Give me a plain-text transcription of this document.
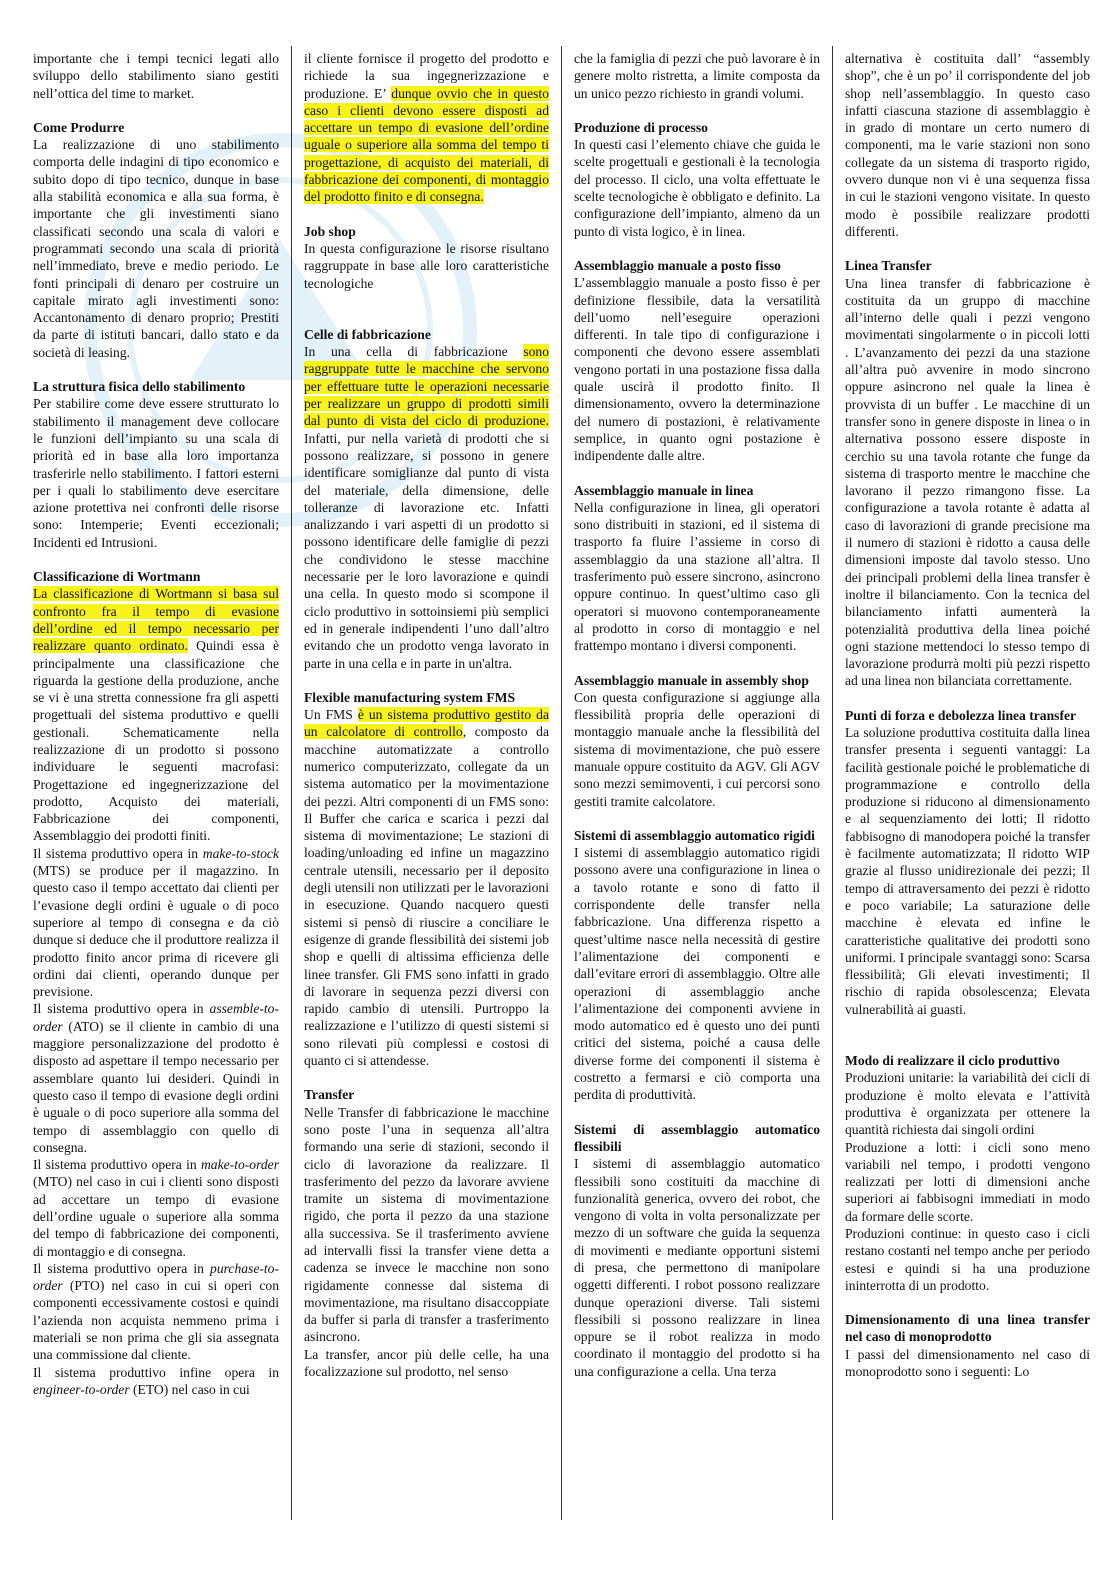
importante che i tempi tecnici legati allo sviluppo dello stabilimento siano gestiti nell’ottica del time to market.

Come Produrre

La realizzazione di uno stabilimento comporta delle indagini di tipo economico e subito dopo di tipo tecnico, dunque in base alla stabilità economica e alla sua forma, è importante che gli investimenti siano classificati secondo una scala di valori e programmati secondo una scala di priorità nell’immediato, breve e medio periodo. Le fonti principali di denaro per costruire un capitale mirato agli investimenti sono: Accantonamento di denaro proprio; Prestiti da parte di istituti bancari, dallo stato e da società di leasing.

La struttura fisica dello stabilimento

Per stabilire come deve essere strutturato lo stabilimento il management deve collocare le funzioni dell’impianto su una scala di priorità ed in base alla loro importanza trasferirle nello stabilimento. I fattori esterni per i quali lo stabilimento deve esercitare azione protettiva nei confronti delle risorse sono: Intemperie; Eventi eccezionali; Incidenti ed Intrusioni.

Classificazione di Wortmann

La classificazione di Wortmann si basa sul confronto fra il tempo di evasione dell’ordine ed il tempo necessario per realizzare quanto ordinato. Quindi essa è principalmente una classificazione che riguarda la gestione della produzione, anche se vi è una stretta connessione fra gli aspetti progettuali del sistema produttivo e quelli gestionali. Schematicamente nella realizzazione di un prodotto si possono individuare le seguenti macrofasi: Progettazione ed ingegnerizzazione del prodotto, Acquisto dei materiali, Fabbricazione dei componenti, Assemblaggio dei prodotti finiti.

Il sistema produttivo opera in make-to-stock (MTS) se produce per il magazzino. In questo caso il tempo accettato dai clienti per l’evasione degli ordini è uguale o di poco superiore al tempo di consegna e da ciò dunque si deduce che il produttore realizza il prodotto finito ancor prima di ricevere gli ordini dai clienti, operando dunque per previsione.

Il sistema produttivo opera in assemble-to-order (ATO) se il cliente in cambio di una maggiore personalizzazione del prodotto è disposto ad aspettare il tempo necessario per assemblare quanto lui desideri. Quindi in questo caso il tempo di evasione degli ordini è uguale o di poco superiore alla somma del tempo di assemblaggio con quello di consegna.

Il sistema produttivo opera in make-to-order (MTO) nel caso in cui i clienti sono disposti ad accettare un tempo di evasione dell’ordine uguale o superiore alla somma del tempo di fabbricazione dei componenti, di montaggio e di consegna.

Il sistema produttivo opera in purchase-to-order (PTO) nel caso in cui si operi con componenti eccessivamente costosi e quindi l’azienda non acquista nemmeno prima i materiali se non prima che gli sia assegnata una commissione dal cliente.

Il sistema produttivo infine opera in engineer-to-order (ETO) nel caso in cui

il cliente fornisce il progetto del prodotto e richiede la sua ingegnerizzazione e produzione. E’ dunque ovvio che in questo caso i clienti devono essere disposti ad accettare un tempo di evasione dell’ordine uguale o superiore alla somma del tempo ti progettazione, di acquisto dei materiali, di fabbricazione dei componenti, di montaggio del prodotto finito e di consegna.

Job shop

In questa configurazione le risorse risultano raggruppate in base alle loro caratteristiche tecnologiche

Celle di fabbricazione

In una cella di fabbricazione sono raggruppate tutte le macchine che servono per effettuare tutte le operazioni necessarie per realizzare un gruppo di prodotti simili dal punto di vista del ciclo di produzione. Infatti, pur nella varietà di prodotti che si possono realizzare, si possono in genere identificare somiglianze dal punto di vista del materiale, della dimensione, delle tolleranze di lavorazione etc. Infatti analizzando i vari aspetti di un prodotto si possono identificare delle famiglie di pezzi che condividono le stesse macchine necessarie per le loro lavorazione e quindi una cella. In questo modo si scompone il ciclo produttivo in sottoinsiemi più semplici ed in generale indipendenti l’uno dall’altro evitando che un prodotto venga lavorato in parte in una cella e in parte in un'altra.

Flexible manufacturing system FMS

Un FMS è un sistema produttivo gestito da un calcolatore di controllo, composto da macchine automatizzate a controllo numerico computerizzato, collegate da un sistema automatico per la movimentazione dei pezzi. Altri componenti di un FMS sono: Il Buffer che carica e scarica i pezzi dal sistema di movimentazione; Le stazioni di loading/unloading ed infine un magazzino centrale utensili, necessario per il deposito degli utensili non utilizzati per le lavorazioni in esecuzione. Quando nacquero questi sistemi si pensò di riuscire a conciliare le esigenze di grande flessibilità dei sistemi job shop e quelli di altissima efficienza delle linee transfer. Gli FMS sono infatti in grado di lavorare in sequenza pezzi diversi con rapido cambio di utensili. Purtroppo la realizzazione e l’utilizzo di questi sistemi si sono rilevati più complessi e costosi di quanto ci si attendesse.

Transfer

Nelle Transfer di fabbricazione le macchine sono poste l’una in sequenza all’altra formando una serie di stazioni, secondo il ciclo di lavorazione da realizzare. Il trasferimento del pezzo da lavorare avviene tramite un sistema di movimentazione rigido, che porta il pezzo da una stazione alla successiva. Se il trasferimento avviene ad intervalli fissi la transfer viene detta a cadenza se invece le macchine non sono rigidamente connesse dal sistema di movimentazione, ma risultano disaccoppiate da buffer si parla di transfer a trasferimento asincrono.

La transfer, ancor più delle celle, ha una focalizzazione sul prodotto, nel senso

che la famiglia di pezzi che può lavorare è in genere molto ristretta, a limite composta da un unico pezzo richiesto in grandi volumi.

Produzione di processo

In questi casi l’elemento chiave che guida le scelte progettuali e gestionali è la tecnologia del processo. Il ciclo, una volta effettuate le scelte tecnologiche è obbligato e definito. La configurazione dell’impianto, almeno da un punto di vista logico, è in linea.

Assemblaggio manuale a posto fisso

L’assemblaggio manuale a posto fisso è per definizione flessibile, data la versatilità dell’uomo nell’eseguire operazioni differenti. In tale tipo di configurazione i componenti che devono essere assemblati vengono portati in una postazione fissa dalla quale uscirà il prodotto finito. Il dimensionamento, ovvero la determinazione del numero di postazioni, è relativamente semplice, in quanto ogni postazione è indipendente dalle altre.

Assemblaggio manuale in linea

Nella configurazione in linea, gli operatori sono distribuiti in stazioni, ed il sistema di trasporto fa fluire l’assieme in corso di assemblaggio da una stazione all’altra. Il trasferimento può essere sincrono, asincrono oppure continuo. In quest’ultimo caso gli operatori si muovono contemporaneamente al prodotto in corso di montaggio e nel frattempo montano i diversi componenti.

Assemblaggio manuale in assembly shop

Con questa configurazione si aggiunge alla flessibilità propria delle operazioni di montaggio manuale anche la flessibilità del sistema di movimentazione, che può essere manuale oppure costituito da AGV. Gli AGV sono mezzi semimoventi, i cui percorsi sono gestiti tramite calcolatore.

Sistemi di assemblaggio automatico rigidi

I sistemi di assemblaggio automatico rigidi possono avere una configurazione in linea o a tavolo rotante e sono di fatto il corrispondente delle transfer nella fabbricazione. Una differenza rispetto a quest’ultime nasce nella necessità di gestire l’alimentazione dei componenti e dall’evitare errori di assemblaggio. Oltre alle operazioni di assemblaggio anche l’alimentazione dei componenti avviene in modo automatico ed è questo uno dei punti critici del sistema, poiché a causa delle diverse forme dei componenti il sistema è costretto a fermarsi e ciò comporta una perdita di produttività.

Sistemi di assemblaggio automatico flessibili

I sistemi di assemblaggio automatico flessibili sono costituiti da macchine di funzionalità generica, ovvero dei robot, che vengono di volta in volta personalizzate per mezzo di un software che guida la sequenza di movimenti e mediante opportuni sistemi di presa, che permettono di manipolare oggetti differenti. I robot possono realizzare dunque operazioni diverse. Tali sistemi flessibili si possono realizzare in linea oppure se il robot realizza in modo coordinato il montaggio del prodotto si ha una configurazione a cella. Una terza

alternativa è costituita dall’ “assembly shop”, che è un po’ il corrispondente del job shop nell’assemblaggio. In questo caso infatti ciascuna stazione di assemblaggio è in grado di montare un certo numero di componenti, ma le varie stazioni non sono collegate da un sistema di trasporto rigido, ovvero dunque non vi è una sequenza fissa in cui le stazioni vengono visitate. In questo modo è possibile realizzare prodotti differenti.

Linea Transfer

Una linea transfer di fabbricazione è costituita da un gruppo di macchine all’interno delle quali i pezzi vengono movimentati singolarmente o in piccoli lotti . L’avanzamento dei pezzi da una stazione all’altra può avvenire in modo sincrono oppure asincrono nel quale la linea è provvista di un buffer . Le macchine di un transfer sono in genere disposte in linea o in alternativa possono essere disposte in cerchio su una tavola rotante che funge da sistema di trasporto mentre le macchine che lavorano il pezzo rimangono fisse. La configurazione a tavola rotante è adatta al caso di lavorazioni di grande precisione ma il numero di stazioni è ridotto a causa delle dimensioni imposte dal tavolo stesso. Uno dei principali problemi della linea transfer è inoltre il bilanciamento. Con la tecnica del bilanciamento infatti aumenterà la potenzialità produttiva della linea poiché ogni stazione mettendoci lo stesso tempo di lavorazione produrrà molti più pezzi rispetto ad una linea non bilanciata correttamente.

Punti di forza e debolezza linea transfer

La soluzione produttiva costituita dalla linea transfer presenta i seguenti vantaggi: La facilità gestionale poiché le problematiche di programmazione e controllo della produzione si riducono al dimensionamento e al sequenziamento dei lotti; Il ridotto fabbisogno di manodopera poiché la transfer è facilmente automatizzata; Il ridotto WIP grazie al flusso unidirezionale dei pezzi; Il tempo di attraversamento dei pezzi è ridotto e poco variabile; La saturazione delle macchine è elevata ed infine le caratteristiche qualitative dei prodotti sono uniformi. I principale svantaggi sono: Scarsa flessibilità; Gli elevati investimenti; Il rischio di rapida obsolescenza; Elevata vulnerabilità ai guasti.

Modo di realizzare il ciclo produttivo

Produzioni unitarie: la variabilità dei cicli di produzione è molto elevata e l’attività produttiva è organizzata per ottenere la quantità richiesta dai singoli ordini

Produzione a lotti: i cicli sono meno variabili nel tempo, i prodotti vengono realizzati per lotti di dimensioni anche superiori ai fabbisogni immediati in modo da formare delle scorte.

Produzioni continue: in questo caso i cicli restano costanti nel tempo anche per periodo estesi e quindi si ha una produzione ininterrotta di un prodotto.

Dimensionamento di una linea transfer nel caso di monoprodotto

I passi del dimensionamento nel caso di monoprodotto sono i seguenti: Lo
